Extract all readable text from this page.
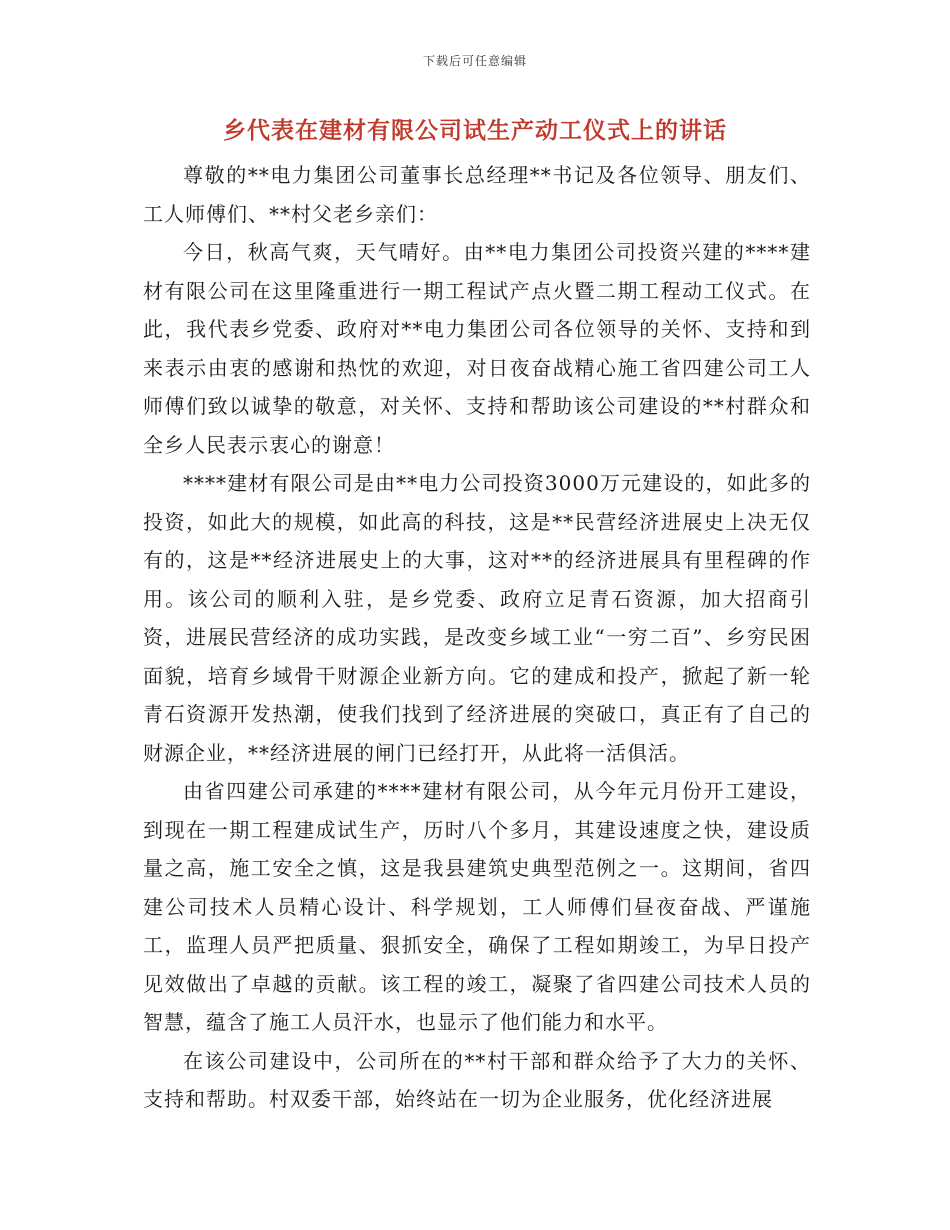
下载后可任意编辑
乡代表在建材有限公司试生产动工仪式上的讲话

尊敬的**电力集团公司董事长总经理**书记及各位领导、朋友们、工人师傅们、**村父老乡亲们：

今日，秋高气爽，天气晴好。由**电力集团公司投资兴建的****建材有限公司在这里隆重进行一期工程试产点火暨二期工程动工仪式。在此，我代表乡党委、政府对**电力集团公司各位领导的关怀、支持和到来表示由衷的感谢和热忱的欢迎，对日夜奋战精心施工省四建公司工人师傅们致以诚挚的敬意，对关怀、支持和帮助该公司建设的**村群众和全乡人民表示衷心的谢意！

****建材有限公司是由**电力公司投资3000万元建设的，如此多的投资，如此大的规模，如此高的科技，这是**民营经济进展史上决无仅有的，这是**经济进展史上的大事，这对**的经济进展具有里程碑的作用。该公司的顺利入驻，是乡党委、政府立足青石资源，加大招商引资，进展民营经济的成功实践，是改变乡域工业“一穷二百”、乡穷民困面貌，培育乡域骨干财源企业新方向。它的建成和投产，掀起了新一轮青石资源开发热潮，使我们找到了经济进展的突破口，真正有了自己的财源企业，**经济进展的闸门已经打开，从此将一活俱活。

由省四建公司承建的****建材有限公司，从今年元月份开工建设，到现在一期工程建成试生产，历时八个多月，其建设速度之快，建设质量之高，施工安全之慎，这是我县建筑史典型范例之一。这期间，省四建公司技术人员精心设计、科学规划，工人师傅们昼夜奋战、严谨施工，监理人员严把质量、狠抓安全，确保了工程如期竣工，为早日投产见效做出了卓越的贡献。该工程的竣工，凝聚了省四建公司技术人员的智慧，蕴含了施工人员汗水，也显示了他们能力和水平。

在该公司建设中，公司所在的**村干部和群众给予了大力的关怀、支持和帮助。村双委干部，始终站在一切为企业服务，优化经济进展
